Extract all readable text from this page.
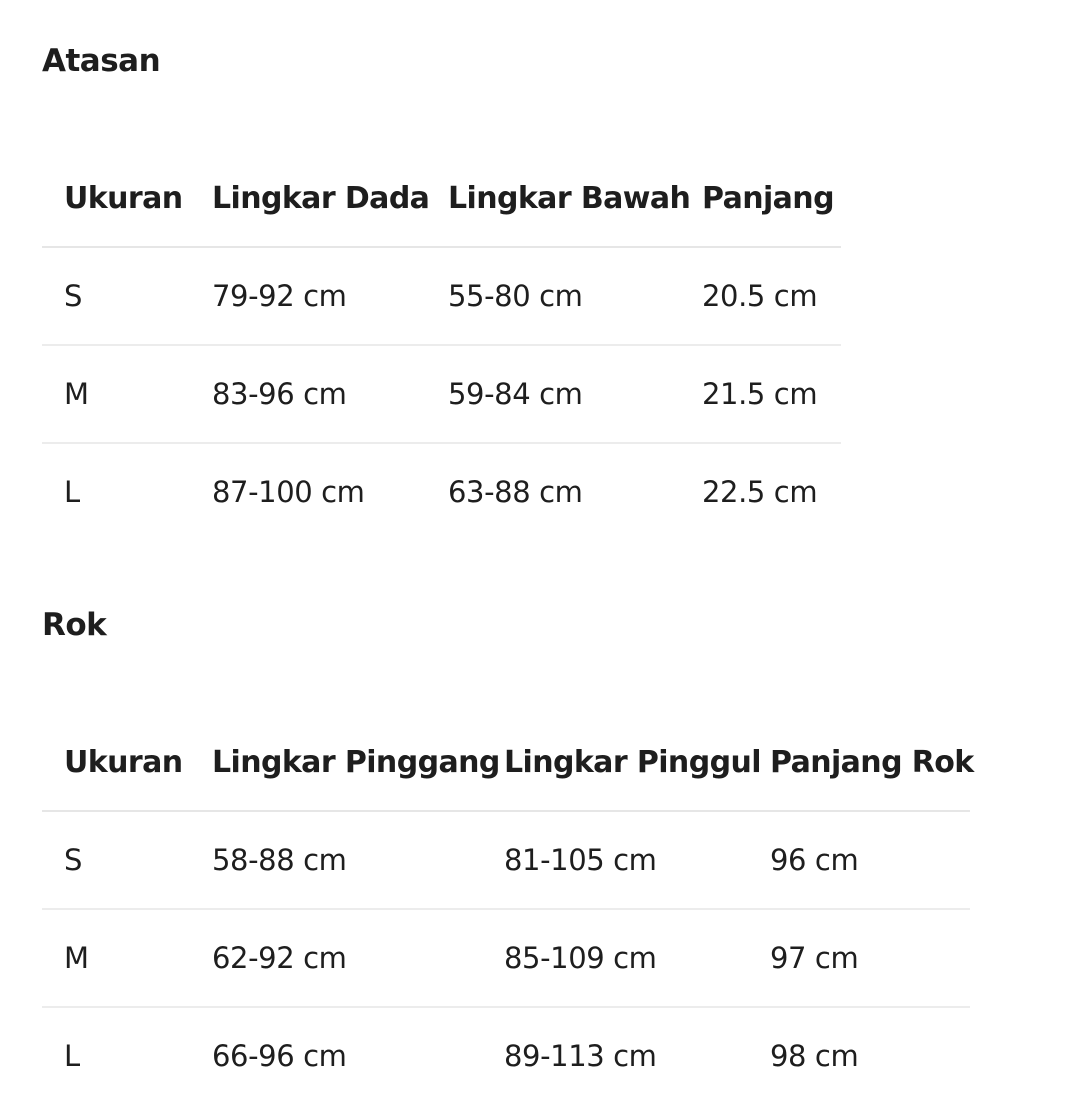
Atasan
Ukuran	Lingkar Dada	Lingkar Bawah	Panjang
S	79-92 cm	55-80 cm	20.5 cm
M	83-96 cm	59-84 cm	21.5 cm
L	87-100 cm	63-88 cm	22.5 cm
Rok
Ukuran	Lingkar Pinggang	Lingkar Pinggul	Panjang Rok
S	58-88 cm	81-105 cm	96 cm
M	62-92 cm	85-109 cm	97 cm
L	66-96 cm	89-113 cm	98 cm
